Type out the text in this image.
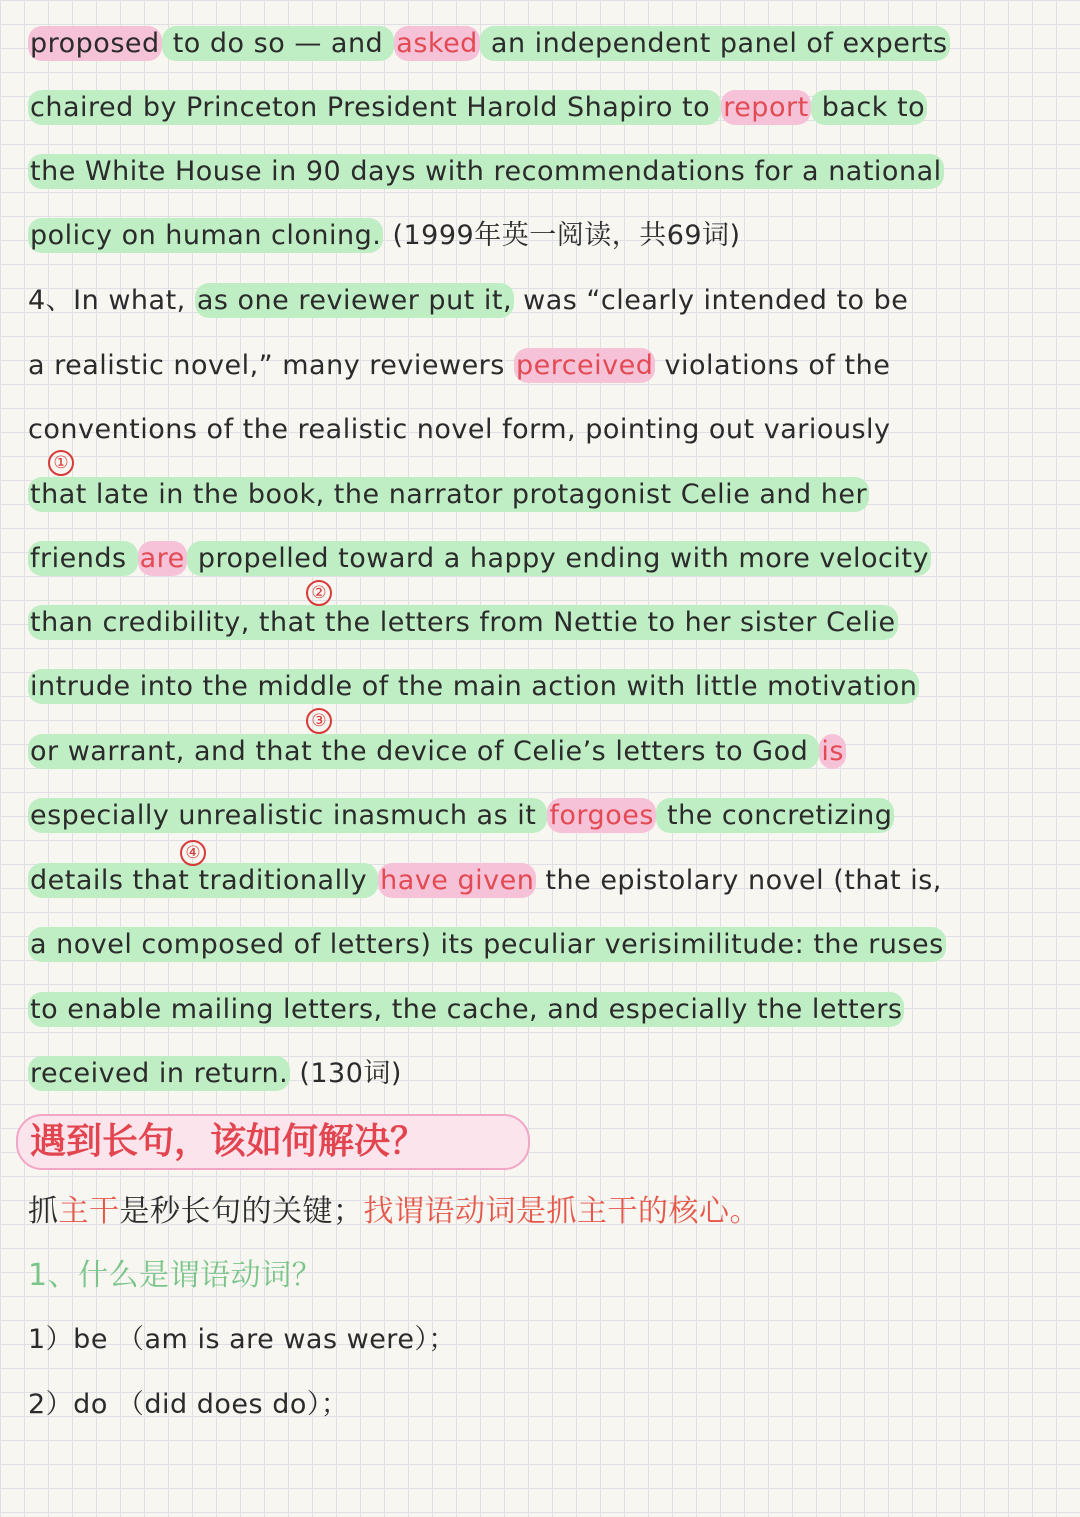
proposed to do so — and asked an independent panel of experts
chaired by Princeton President Harold Shapiro to report back to
the White House in 90 days with recommendations for a national
policy on human cloning. (1999年英一阅读，共69词)
4、In what, as one reviewer put it, was “clearly intended to be
a realistic novel,” many reviewers perceived violations of the
conventions of the realistic novel form, pointing out variously
that late in the book, the narrator protagonist Celie and her
friends are propelled toward a happy ending with more velocity
than credibility, that the letters from Nettie to her sister Celie
intrude into the middle of the main action with little motivation
or warrant, and that the device of Celie’s letters to God is
especially unrealistic inasmuch as it forgoes the concretizing
details that traditionally have given the epistolary novel (that is,
a novel composed of letters) its peculiar verisimilitude: the ruses
to enable mailing letters, the cache, and especially the letters
received in return. (130词)
①
②
③
④
遇到长句，该如何解决？
抓主干是秒长句的关键；找谓语动词是抓主干的核心。
1、什么是谓语动词？
1）be （am is are was were）；
2）do （did does do）；
